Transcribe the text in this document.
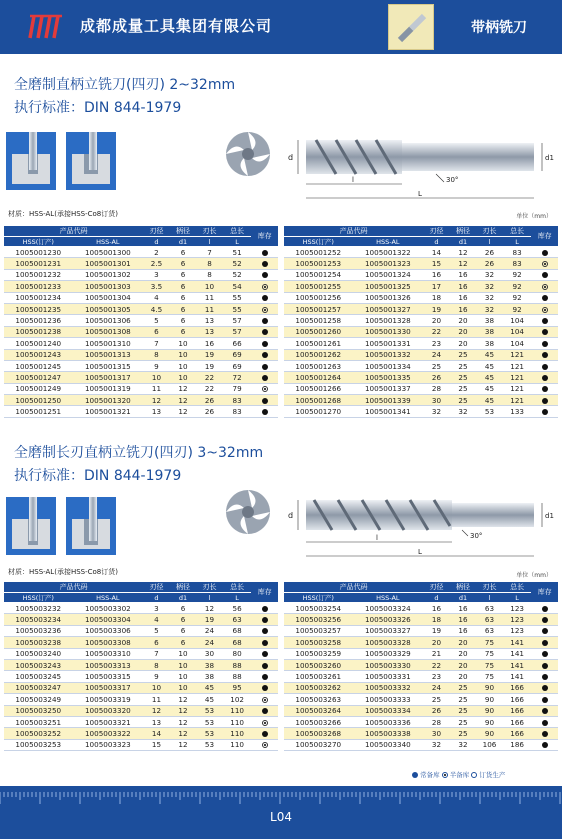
成都成量工具集团有限公司	带柄铣刀
全磨制直柄立铣刀(四刃) 2~32mm
执行标准：DIN 844-1979
d	d1
l
L
30°
材质：HSS-AL(承接HSS-Co8订货)	单位（mm）
产品代码		刃径	柄径	刃长	总长	库存
HSS(订产)	HSS-AL	d	d1	l	L	
1005001230	1005001300	2	6	7	51	
1005001231	1005001301	2.5	6	8	52	
1005001232	1005001302	3	6	8	52	
1005001233	1005001303	3.5	6	10	54	
1005001234	1005001304	4	6	11	55	
1005001235	1005001305	4.5	6	11	55	
1005001236	1005001306	5	6	13	57	
1005001238	1005001308	6	6	13	57	
1005001240	1005001310	7	10	16	66	
1005001243	1005001313	8	10	19	69	
1005001245	1005001315	9	10	19	69	
1005001247	1005001317	10	10	22	72	
1005001249	1005001319	11	12	22	79	
1005001250	1005001320	12	12	26	83	
1005001251	1005001321	13	12	26	83	
产品代码		刃径	柄径	刃长	总长	库存
HSS(订产)	HSS-AL	d	d1	l	L	
1005001252	1005001322	14	12	26	83	
1005001253	1005001323	15	12	26	83	
1005001254	1005001324	16	16	32	92	
1005001255	1005001325	17	16	32	92	
1005001256	1005001326	18	16	32	92	
1005001257	1005001327	19	16	32	92	
1005001258	1005001328	20	20	38	104	
1005001260	1005001330	22	20	38	104	
1005001261	1005001331	23	20	38	104	
1005001262	1005001332	24	25	45	121	
1005001263	1005001334	25	25	45	121	
1005001264	1005001335	26	25	45	121	
1005001266	1005001337	28	25	45	121	
1005001268	1005001339	30	25	45	121	
1005001270	1005001341	32	32	53	133	
全磨制长刃直柄立铣刀(四刃) 3~32mm
执行标准：DIN 844-1979
d	d1
l
L
30°
材质：HSS-AL(承接HSS-Co8订货)	单位（mm）
产品代码		刃径	柄径	刃长	总长	库存
HSS(订产)	HSS-AL	d	d1	l	L	
1005003232	1005003302	3	6	12	56	
1005003234	1005003304	4	6	19	63	
1005003236	1005003306	5	6	24	68	
1005003238	1005003308	6	6	24	68	
1005003240	1005003310	7	10	30	80	
1005003243	1005003313	8	10	38	88	
1005003245	1005003315	9	10	38	88	
1005003247	1005003317	10	10	45	95	
1005003249	1005003319	11	12	45	102	
1005003250	1005003320	12	12	53	110	
1005003251	1005003321	13	12	53	110	
1005003252	1005003322	14	12	53	110	
1005003253	1005003323	15	12	53	110	
产品代码		刃径	柄径	刃长	总长	库存
HSS(订产)	HSS-AL	d	d1	l	L	
1005003254	1005003324	16	16	63	123	
1005003256	1005003326	18	16	63	123	
1005003257	1005003327	19	16	63	123	
1005003258	1005003328	20	20	75	141	
1005003259	1005003329	21	20	75	141	
1005003260	1005003330	22	20	75	141	
1005003261	1005003331	23	20	75	141	
1005003262	1005003332	24	25	90	166	
1005003263	1005003333	25	25	90	166	
1005003264	1005003334	26	25	90	166	
1005003266	1005003336	28	25	90	166	
1005003268	1005003338	30	25	90	166	
1005003270	1005003340	32	32	106	186	
常备库 半备库 订货生产
L04
